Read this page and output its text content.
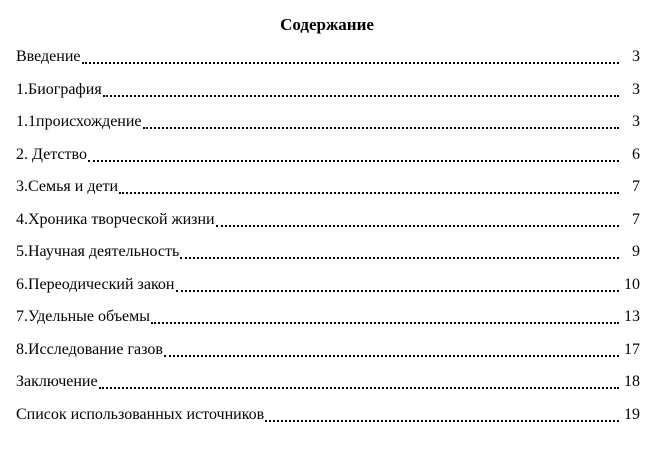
Содержание
Введение	3
1.Биография	3
1.1происхождение	3
2. Детство	6
3.Семья и дети	7
4.Хроника творческой жизни	7
5.Научная деятельность	9
6.Переодический закон	10
7.Удельные объемы	13
8.Исследование газов	17
Заключение	18
Список использованных источников	19
